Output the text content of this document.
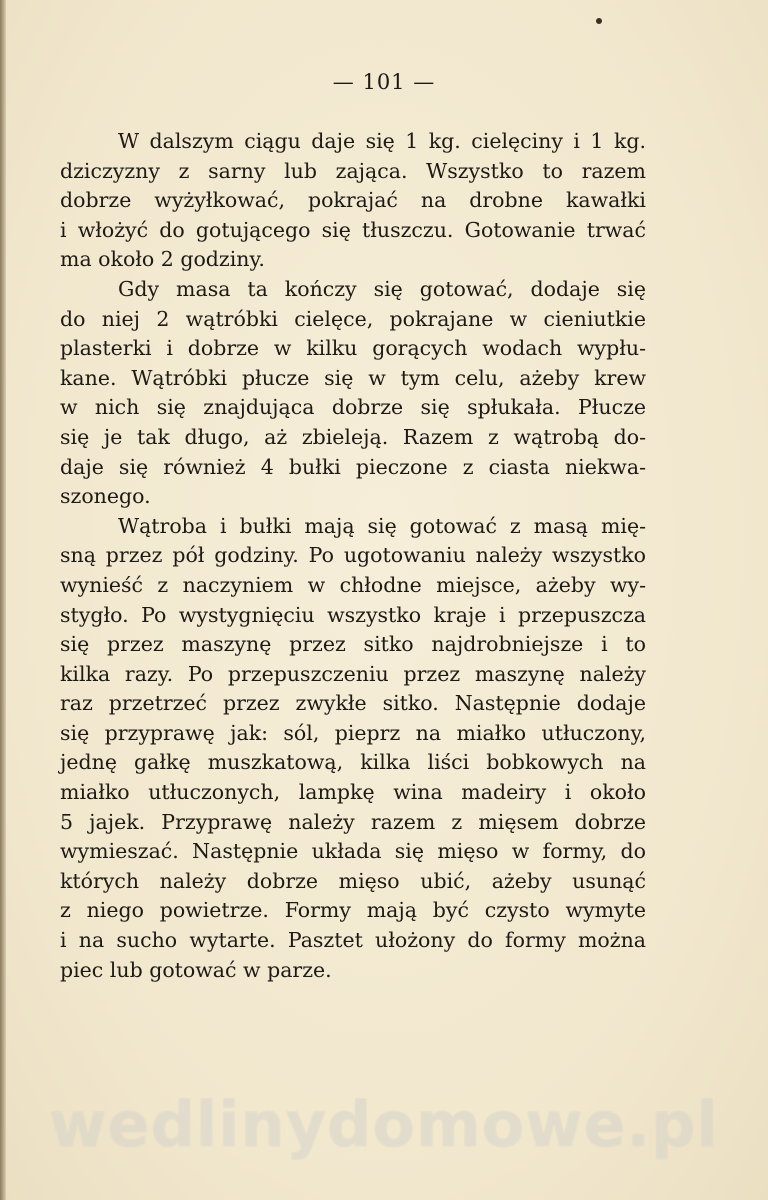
— 101 —
W dalszym ciągu daje się 1 kg. cielęciny i 1 kg.
dziczyzny z sarny lub zająca. Wszystko to razem
dobrze wyżyłkować, pokrajać na drobne kawałki
i włożyć do gotującego się tłuszczu. Gotowanie trwać
ma około 2 godziny.
Gdy masa ta kończy się gotować, dodaje się
do niej 2 wątróbki cielęce, pokrajane w cieniutkie
plasterki i dobrze w kilku gorących wodach wypłu-
kane. Wątróbki płucze się w tym celu, ażeby krew
w nich się znajdująca dobrze się spłukała. Płucze
się je tak długo, aż zbieleją. Razem z wątrobą do-
daje się również 4 bułki pieczone z ciasta niekwa-
szonego.
Wątroba i bułki mają się gotować z masą mię-
sną przez pół godziny. Po ugotowaniu należy wszystko
wynieść z naczyniem w chłodne miejsce, ażeby wy-
stygło. Po wystygnięciu wszystko kraje i przepuszcza
się przez maszynę przez sitko najdrobniejsze i to
kilka razy. Po przepuszczeniu przez maszynę należy
raz przetrzeć przez zwykłe sitko. Następnie dodaje
się przyprawę jak: sól, pieprz na miałko utłuczony,
jednę gałkę muszkatową, kilka liści bobkowych na
miałko utłuczonych, lampkę wina madeiry i około
5 jajek. Przyprawę należy razem z mięsem dobrze
wymieszać. Następnie układa się mięso w formy, do
których należy dobrze mięso ubić, ażeby usunąć
z niego powietrze. Formy mają być czysto wymyte
i na sucho wytarte. Pasztet ułożony do formy można
piec lub gotować w parze.
wedlinydomowe.pl
